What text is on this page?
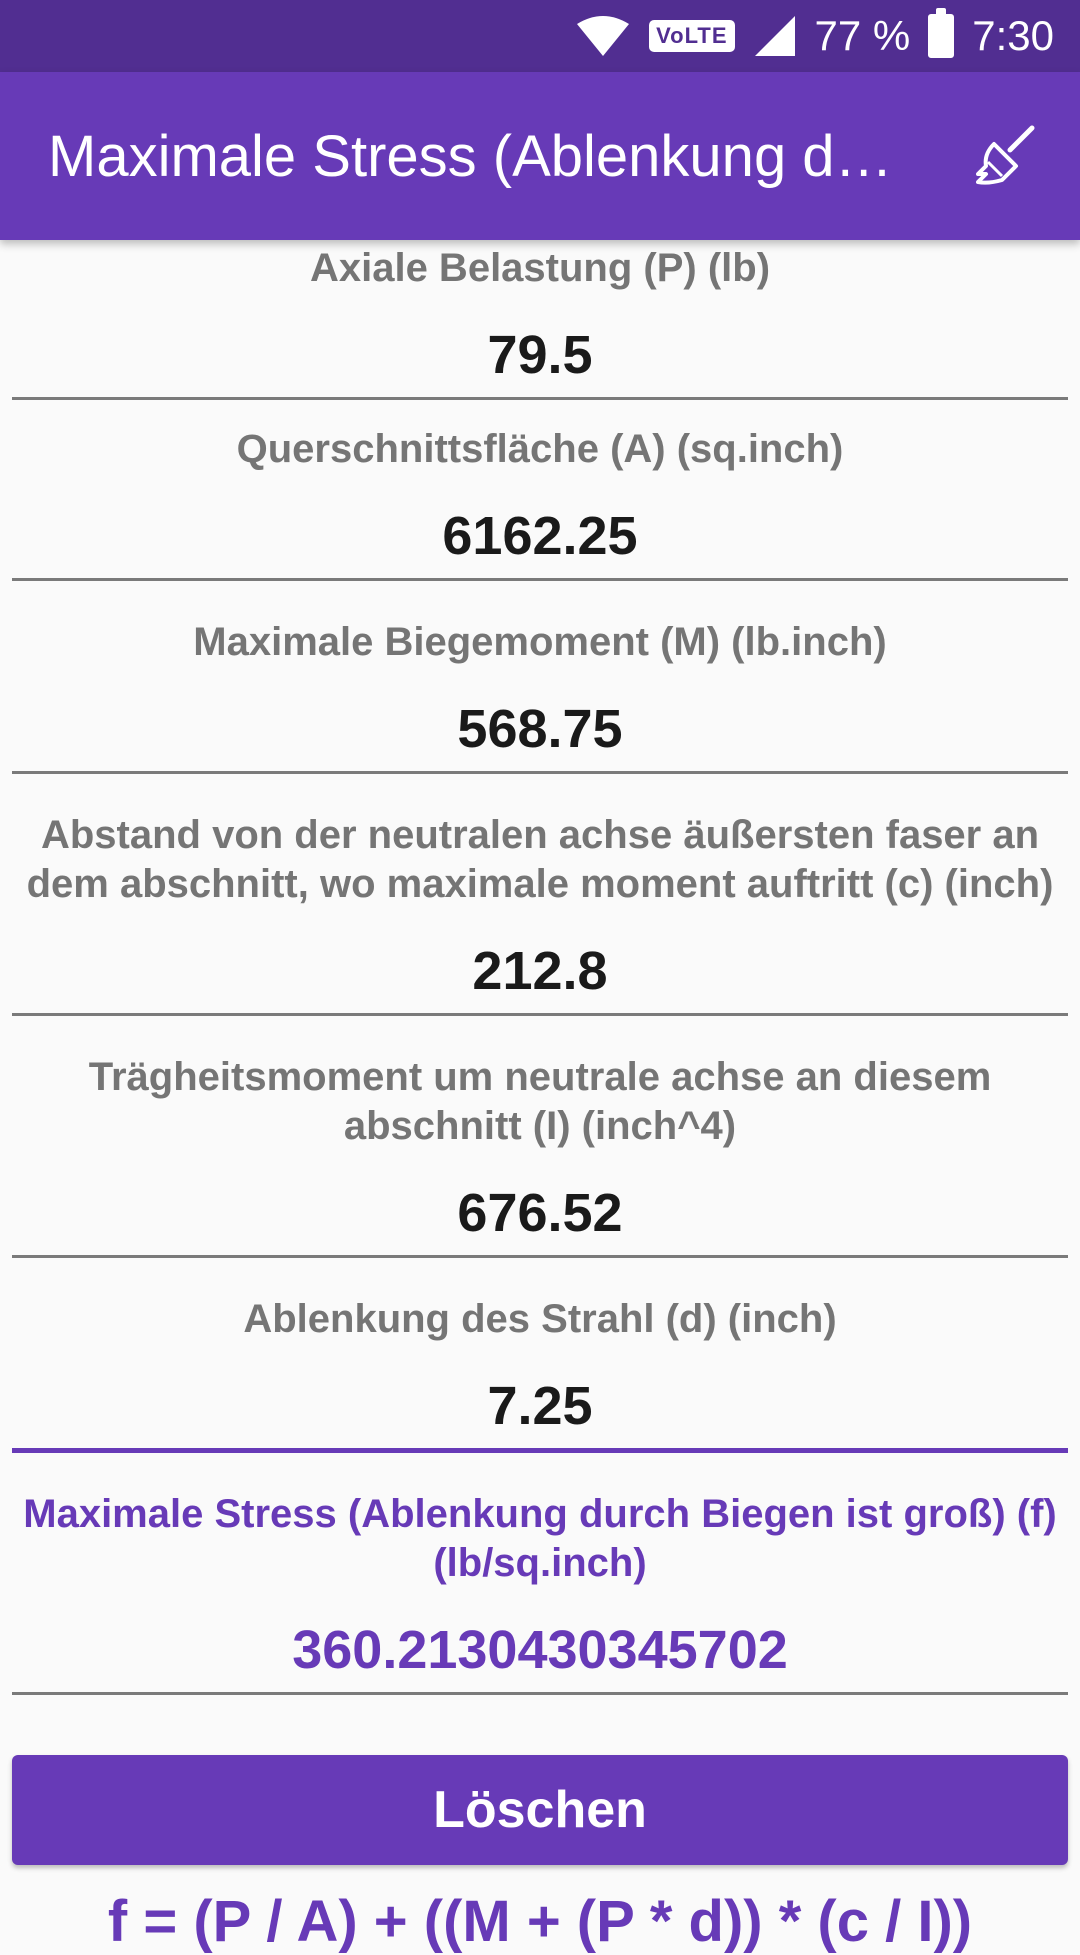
VoLTE 77 % 7:30
Maximale Stress (Ablenkung d…
Axiale Belastung (P) (lb)
79.5
Querschnittsfläche (A) (sq.inch)
6162.25
Maximale Biegemoment (M) (lb.inch)
568.75
Abstand von der neutralen achse äußersten faser an dem abschnitt, wo maximale moment auftritt (c) (inch)
212.8
Trägheitsmoment um neutrale achse an diesem abschnitt (I) (inch^4)
676.52
Ablenkung des Strahl (d) (inch)
7.25
Maximale Stress (Ablenkung durch Biegen ist groß) (f) (lb/sq.inch)
360.2130430345702
Löschen
f = (P / A) + ((M + (P * d)) * (c / I))
